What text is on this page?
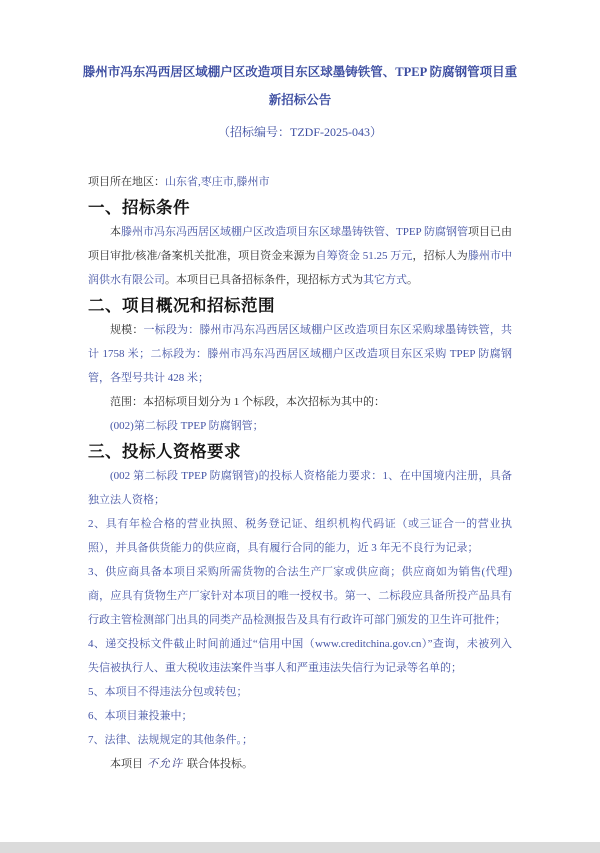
滕州市冯东冯西居区域棚户区改造项目东区球墨铸铁管、TPEP 防腐钢管项目重
新招标公告
（招标编号：TZDF-2025-043）

项目所在地区：山东省,枣庄市,滕州市

一、招标条件

本滕州市冯东冯西居区域棚户区改造项目东区球墨铸铁管、TPEP 防腐钢管项目已由项目审批/核准/备案机关批准，项目资金来源为自筹资金 51.25 万元，招标人为滕州市中润供水有限公司。本项目已具备招标条件，现招标方式为其它方式。

二、项目概况和招标范围

规模：一标段为：滕州市冯东冯西居区域棚户区改造项目东区采购球墨铸铁管，共计 1758 米；二标段为：滕州市冯东冯西居区域棚户区改造项目东区采购 TPEP 防腐钢管，各型号共计 428 米；

范围：本招标项目划分为 1 个标段，本次招标为其中的：

(002)第二标段 TPEP 防腐钢管；

三、投标人资格要求

(002 第二标段 TPEP 防腐钢管)的投标人资格能力要求：1、在中国境内注册，具备独立法人资格；

2、具有年检合格的营业执照、税务登记证、组织机构代码证（或三证合一的营业执照），并具备供货能力的供应商，具有履行合同的能力，近 3 年无不良行为记录；

3、供应商具备本项目采购所需货物的合法生产厂家或供应商；供应商如为销售(代理)商，应具有货物生产厂家针对本项目的唯一授权书。第一、二标段应具备所投产品具有行政主管检测部门出具的同类产品检测报告及具有行政许可部门颁发的卫生许可批件；

4、递交投标文件截止时间前通过“信用中国（www.creditchina.gov.cn）”查询，未被列入失信被执行人、重大税收违法案件当事人和严重违法失信行为记录等名单的；

5、本项目不得违法分包或转包；

6、本项目兼投兼中；

7、法律、法规规定的其他条件。；

本项目 不允许 联合体投标。
